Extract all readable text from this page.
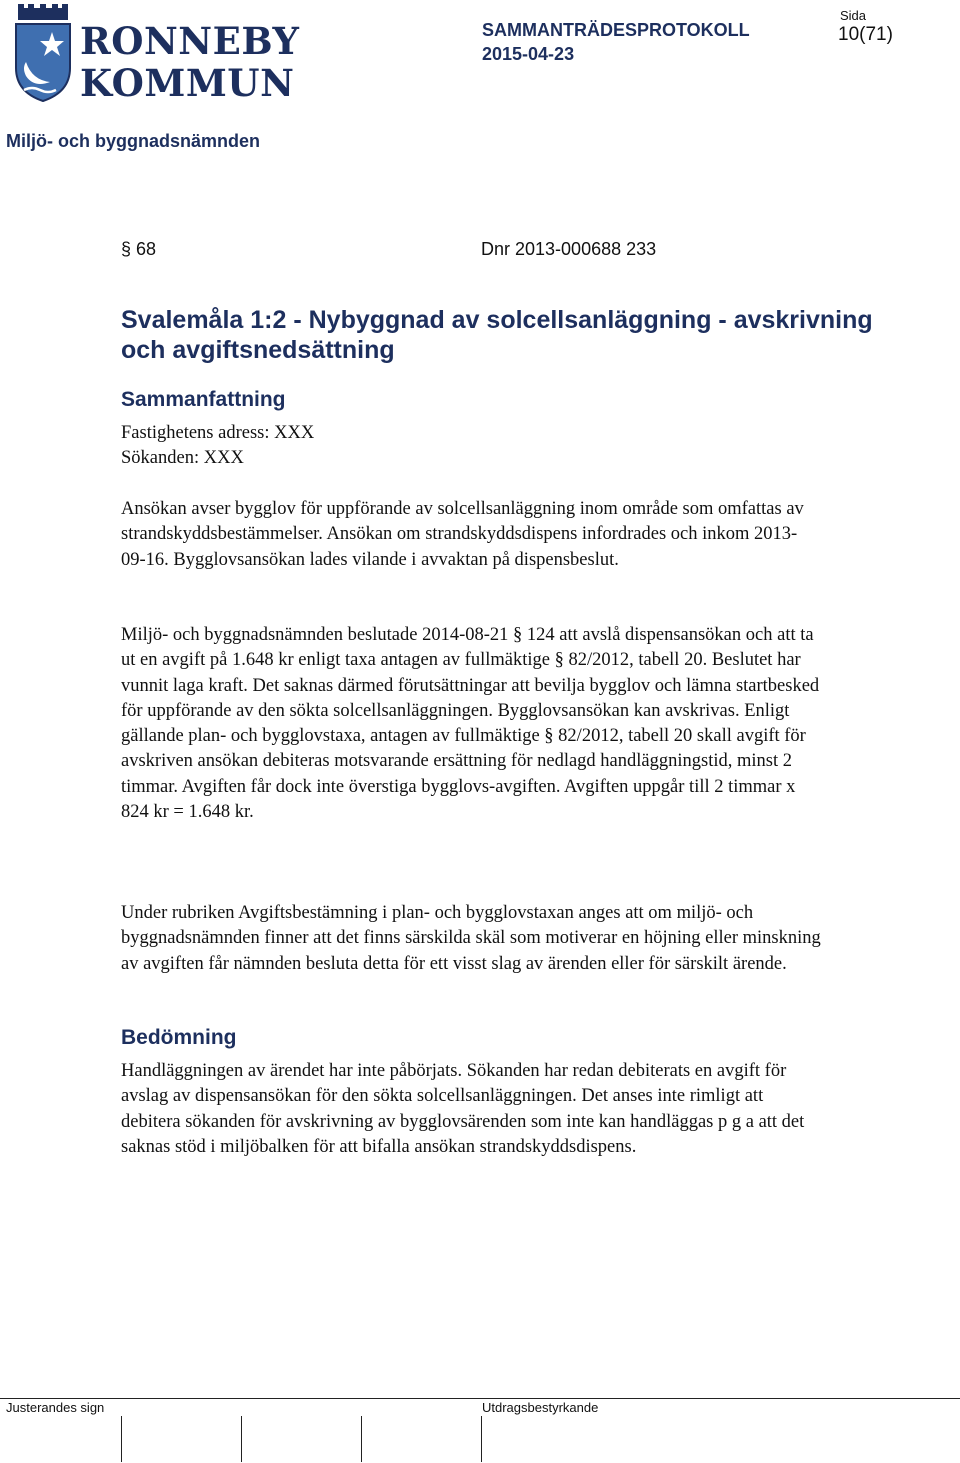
RONNEBY
KOMMUN
SAMMANTRÄDESPROTOKOLL
2015-04-23
Sida
10(71)
Miljö- och byggnadsnämnden
§ 68	Dnr 2013-000688 233
Svalemåla 1:2 - Nybyggnad av solcellsanläggning - avskrivning och avgiftsnedsättning
Sammanfattning
Fastighetens adress: XXX
Sökanden: XXX
Ansökan avser bygglov för uppförande av solcellsanläggning inom område som omfattas av strandskyddsbestämmelser. Ansökan om strandskyddsdispens infordrades och inkom 2013-09-16. Bygglovsansökan lades vilande i avvaktan på dispensbeslut.
Miljö- och byggnadsnämnden beslutade 2014-08-21 § 124 att avslå dispensansökan och att ta ut en avgift på 1.648 kr enligt taxa antagen av fullmäktige § 82/2012, tabell 20. Beslutet har vunnit laga kraft. Det saknas därmed förutsättningar att bevilja bygglov och lämna startbesked för uppförande av den sökta solcellsanläggningen. Bygglovsansökan kan avskrivas. Enligt gällande plan- och bygglovstaxa, antagen av fullmäktige § 82/2012, tabell 20 skall avgift för avskriven ansökan debiteras motsvarande ersättning för nedlagd handläggningstid, minst 2 timmar. Avgiften får dock inte överstiga bygglovs-avgiften. Avgiften uppgår till 2 timmar x 824 kr = 1.648 kr.
Under rubriken Avgiftsbestämning i plan- och bygglovstaxan anges att om miljö- och byggnadsnämnden finner att det finns särskilda skäl som motiverar en höjning eller minskning av avgiften får nämnden besluta detta för ett visst slag av ärenden eller för särskilt ärende.
Bedömning
Handläggningen av ärendet har inte påbörjats. Sökanden har redan debiterats en avgift för avslag av dispensansökan för den sökta solcellsanläggningen. Det anses inte rimligt att debitera sökanden för avskrivning av bygglovsärenden som inte kan handläggas p g a att det saknas stöd i miljöbalken för att bifalla ansökan strandskyddsdispens.
Justerandes sign	Utdragsbestyrkande
